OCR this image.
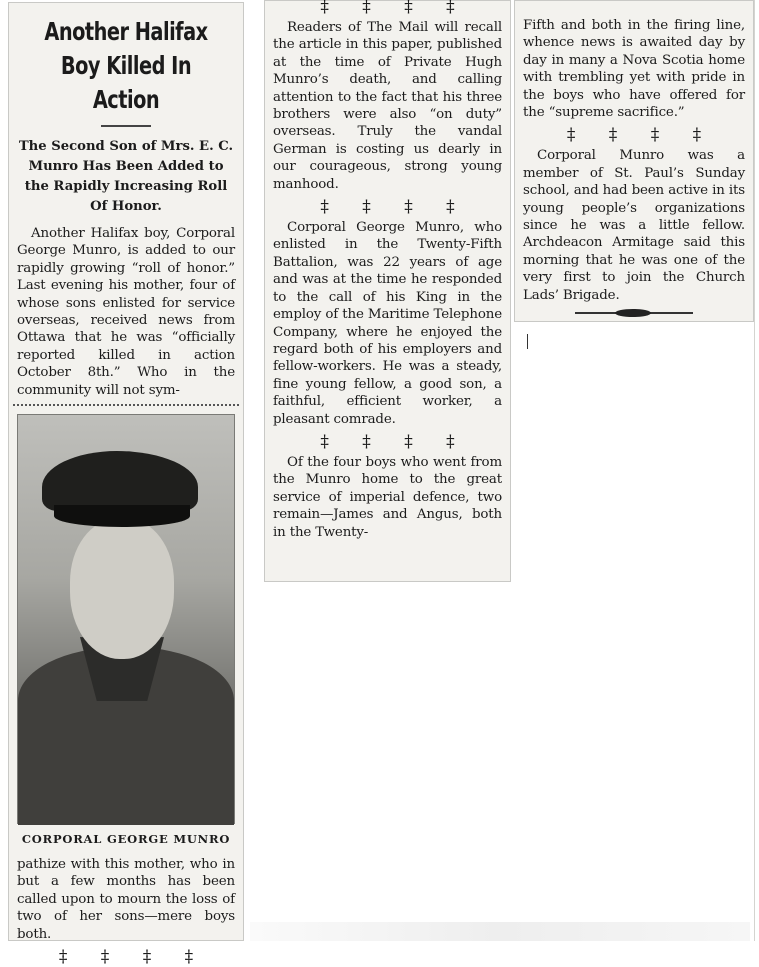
Another Halifax Boy Killed In Action
The Second Son of Mrs. E. C. Munro Has Been Added to the Rapidly Increasing Roll Of Honor.

Another Halifax boy, Corporal George Munro, is added to our rapidly growing “roll of honor.” Last evening his mother, four of whose sons enlisted for service overseas, received news from Ottawa that he was “officially reported killed in action October 8th.” Who in the community will not sym-

CORPORAL GEORGE MUNRO

pathize with this mother, who in but a few months has been called upon to mourn the loss of two of her sons—mere boys both.

‡ ‡ ‡ ‡
‡ ‡ ‡ ‡

Readers of The Mail will recall the article in this paper, published at the time of Private Hugh Munro’s death, and calling attention to the fact that his three brothers were also “on duty” overseas. Truly the vandal German is costing us dearly in our courageous, strong young manhood.

‡ ‡ ‡ ‡

Corporal George Munro, who enlisted in the Twenty-Fifth Battalion, was 22 years of age and was at the time he responded to the call of his King in the employ of the Maritime Telephone Company, where he enjoyed the regard both of his employers and fellow-workers. He was a steady, fine young fellow, a good son, a faithful, efficient worker, a pleasant comrade.

‡ ‡ ‡ ‡

Of the four boys who went from the Munro home to the great service of imperial defence, two remain—James and Angus, both in the Twenty-

Fifth and both in the firing line, whence news is awaited day by day in many a Nova Scotia home with trembling yet with pride in the boys who have offered for the “supreme sacrifice.”

‡ ‡ ‡ ‡

Corporal Munro was a member of St. Paul’s Sunday school, and had been active in its young people’s organizations since he was a little fellow. Archdeacon Armitage said this morning that he was one of the very first to join the Church Lads’ Brigade.
